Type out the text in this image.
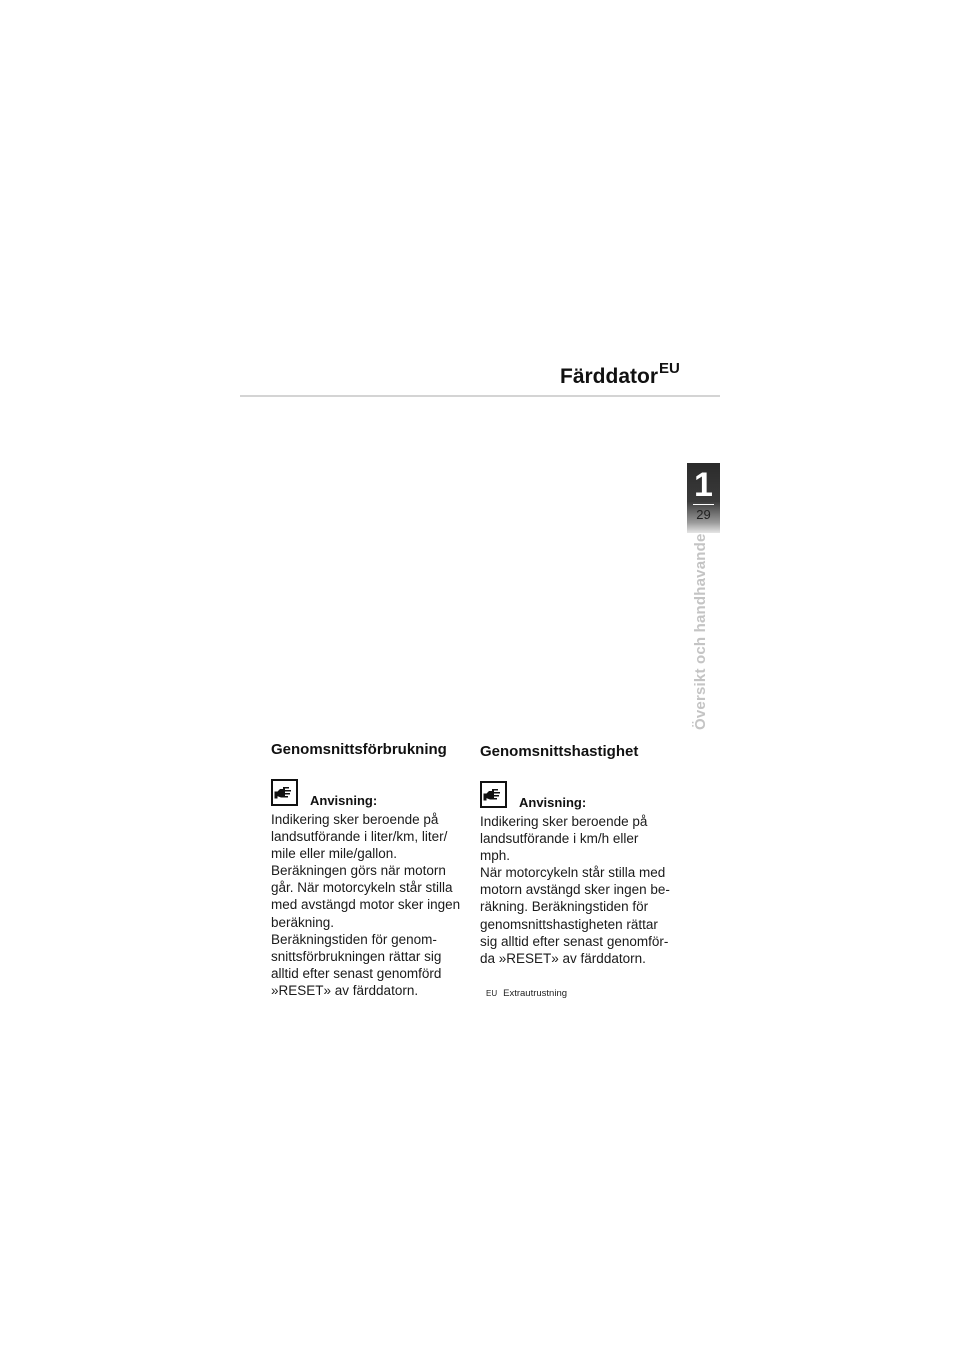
Färddator$^{EU}$
1
29
Översikt och handhavande
Genomsnittsförbrukning
Anvisning:

Indikering sker beroende på
landsutförande i liter/km, liter/
mile eller mile/gallon.
Beräkningen görs när motorn
går. När motorcykeln står stilla
med avstängd motor sker ingen
beräkning.
Beräkningstiden för genom-
snittsförbrukningen rättar sig
alltid efter senast genomförd
»RESET» av färddatorn.

Genomsnittshastighet
Anvisning:

Indikering sker beroende på
landsutförande i km/h eller
mph.
När motorcykeln står stilla med
motorn avstängd sker ingen be-
räkning. Beräkningstiden för
genomsnittshastigheten rättar
sig alltid efter senast genomför-
da »RESET» av färddatorn.

EU Extrautrustning
